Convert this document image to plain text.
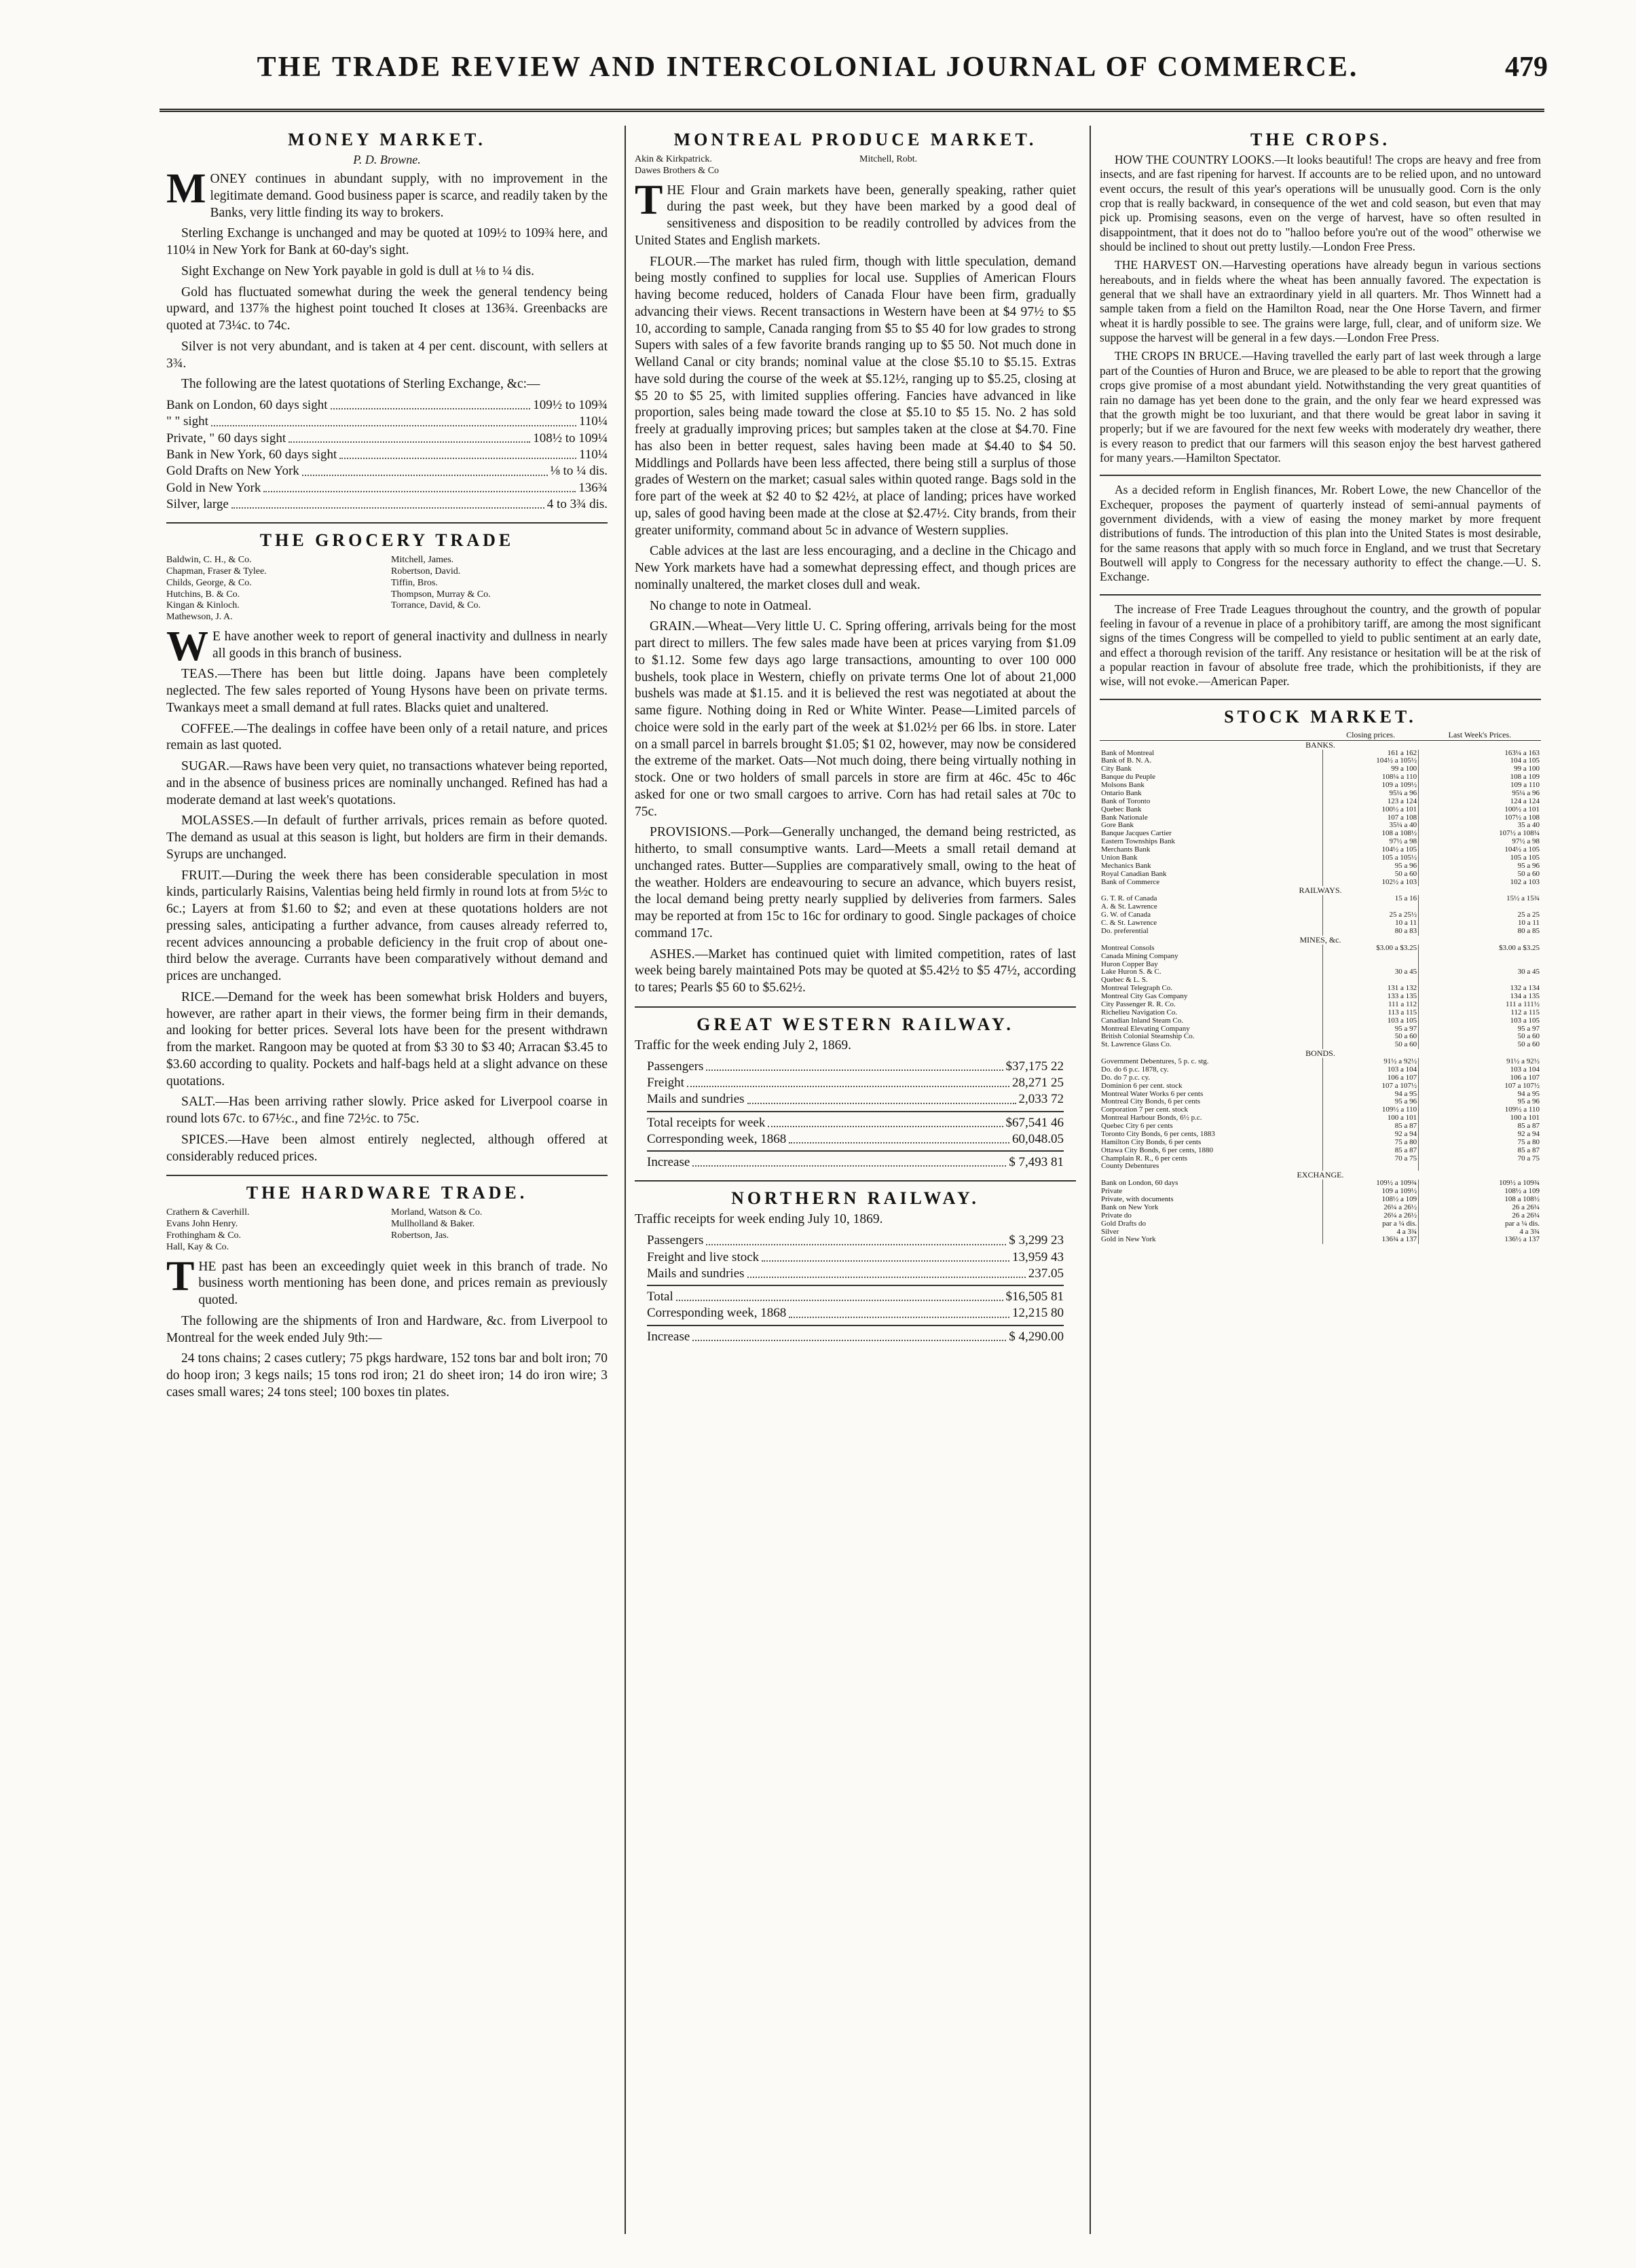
THE TRADE REVIEW AND INTERCOLONIAL JOURNAL OF COMMERCE.	479
MONEY MARKET.
P. D. Browne.

MONEY continues in abundant supply, with no improvement in the legitimate demand. Good business paper is scarce, and readily taken by the Banks, very little finding its way to brokers.

Sterling Exchange is unchanged and may be quoted at 109½ to 109¾ here, and 110¼ in New York for Bank at 60-day's sight.

Sight Exchange on New York payable in gold is dull at ⅛ to ¼ dis.

Gold has fluctuated somewhat during the week the general tendency being upward, and 137⅞ the highest point touched It closes at 136¾. Greenbacks are quoted at 73¼c. to 74c.

Silver is not very abundant, and is taken at 4 per cent. discount, with sellers at 3¾.

The following are the latest quotations of Sterling Exchange, &c:—

Bank on London, 60 days sight	109½ to 109¾
" " sight	110¼
Private, " 60 days sight	108½ to 109¼
Bank in New York, 60 days sight	110¼
Gold Drafts on New York	⅛ to ¼ dis.
Gold in New York	136¾
Silver, large	4 to 3¾ dis.
THE GROCERY TRADE
Baldwin, C. H., & Co.	Mitchell, James.
Chapman, Fraser & Tylee.	Robertson, David.
Childs, George, & Co.	Tiffin, Bros.
Hutchins, B. & Co.	Thompson, Murray & Co.
Kingan & Kinloch.	Torrance, David, & Co.
Mathewson, J. A.

WE have another week to report of general inactivity and dullness in nearly all goods in this branch of business.

TEAS.—There has been but little doing. Japans have been completely neglected. The few sales reported of Young Hysons have been on private terms. Twankays meet a small demand at full rates. Blacks quiet and unaltered.

COFFEE.—The dealings in coffee have been only of a retail nature, and prices remain as last quoted.

SUGAR.—Raws have been very quiet, no transactions whatever being reported, and in the absence of business prices are nominally unchanged. Refined has had a moderate demand at last week's quotations.

MOLASSES.—In default of further arrivals, prices remain as before quoted. The demand as usual at this season is light, but holders are firm in their demands. Syrups are unchanged.

FRUIT.—During the week there has been considerable speculation in most kinds, particularly Raisins, Valentias being held firmly in round lots at from 5½c to 6c.; Layers at from $1.60 to $2; and even at these quotations holders are not pressing sales, anticipating a further advance, from causes already referred to, recent advices announcing a probable deficiency in the fruit crop of about one-third below the average. Currants have been comparatively without demand and prices are unchanged.

RICE.—Demand for the week has been somewhat brisk Holders and buyers, however, are rather apart in their views, the former being firm in their demands, and looking for better prices. Several lots have been for the present withdrawn from the market. Rangoon may be quoted at from $3 30 to $3 40; Arracan $3.45 to $3.60 according to quality. Pockets and half-bags held at a slight advance on these quotations.

SALT.—Has been arriving rather slowly. Price asked for Liverpool coarse in round lots 67c. to 67½c., and fine 72½c. to 75c.

SPICES.—Have been almost entirely neglected, although offered at considerably reduced prices.

THE HARDWARE TRADE.
Crathern & Caverhill.	Morland, Watson & Co.
Evans John Henry.	Mullholland & Baker.
Frothingham & Co.	Robertson, Jas.
Hall, Kay & Co.

THE past has been an exceedingly quiet week in this branch of trade. No business worth mentioning has been done, and prices remain as previously quoted.

The following are the shipments of Iron and Hardware, &c. from Liverpool to Montreal for the week ended July 9th:—

24 tons chains; 2 cases cutlery; 75 pkgs hardware, 152 tons bar and bolt iron; 70 do hoop iron; 3 kegs nails; 15 tons rod iron; 21 do sheet iron; 14 do iron wire; 3 cases small wares; 24 tons steel; 100 boxes tin plates.

MONTREAL PRODUCE MARKET.
Akin & Kirkpatrick.	Mitchell, Robt.
Dawes Brothers & Co

THE Flour and Grain markets have been, generally speaking, rather quiet during the past week, but they have been marked by a good deal of sensitiveness and disposition to be readily controlled by advices from the United States and English markets.

FLOUR.—The market has ruled firm, though with little speculation, demand being mostly confined to supplies for local use. Supplies of American Flours having become reduced, holders of Canada Flour have been firm, gradually advancing their views. Recent transactions in Western have been at $4 97½ to $5 10, according to sample, Canada ranging from $5 to $5 40 for low grades to strong Supers with sales of a few favorite brands ranging up to $5 50. Not much done in Welland Canal or city brands; nominal value at the close $5.10 to $5.15. Extras have sold during the course of the week at $5.12½, ranging up to $5.25, closing at $5 20 to $5 25, with limited supplies offering. Fancies have advanced in like proportion, sales being made toward the close at $5.10 to $5 15. No. 2 has sold freely at gradually improving prices; but samples taken at the close at $4.70. Fine has also been in better request, sales having been made at $4.40 to $4 50. Middlings and Pollards have been less affected, there being still a surplus of those grades of Western on the market; casual sales within quoted range. Bags sold in the fore part of the week at $2 40 to $2 42½, at place of landing; prices have worked up, sales of good having been made at the close at $2.47½. City brands, from their greater uniformity, command about 5c in advance of Western supplies.

Cable advices at the last are less encouraging, and a decline in the Chicago and New York markets have had a somewhat depressing effect, and though prices are nominally unaltered, the market closes dull and weak.

No change to note in Oatmeal.

GRAIN.—Wheat—Very little U. C. Spring offering, arrivals being for the most part direct to millers. The few sales made have been at prices varying from $1.09 to $1.12. Some few days ago large transactions, amounting to over 100 000 bushels, took place in Western, chiefly on private terms One lot of about 21,000 bushels was made at $1.15. and it is believed the rest was negotiated at about the same figure. Nothing doing in Red or White Winter. Pease—Limited parcels of choice were sold in the early part of the week at $1.02½ per 66 lbs. in store. Later on a small parcel in barrels brought $1.05; $1 02, however, may now be considered the extreme of the market. Oats—Not much doing, there being virtually nothing in stock. One or two holders of small parcels in store are firm at 46c. 45c to 46c asked for one or two small cargoes to arrive. Corn has had retail sales at 70c to 75c.

PROVISIONS.—Pork—Generally unchanged, the demand being restricted, as hitherto, to small consumptive wants. Lard—Meets a small retail demand at unchanged rates. Butter—Supplies are comparatively small, owing to the heat of the weather. Holders are endeavouring to secure an advance, which buyers resist, the local demand being pretty nearly supplied by deliveries from farmers. Sales may be reported at from 15c to 16c for ordinary to good. Single packages of choice command 17c.

ASHES.—Market has continued quiet with limited competition, rates of last week being barely maintained Pots may be quoted at $5.42½ to $5 47½, according to tares; Pearls $5 60 to $5.62½.

GREAT WESTERN RAILWAY.

Traffic for the week ending July 2, 1869.

Passengers	$37,175 22
Freight	28,271 25
Mails and sundries	2,033 72
Total receipts for week	$67,541 46
Corresponding week, 1868	60,048.05
Increase	$ 7,493 81
NORTHERN RAILWAY.

Traffic receipts for week ending July 10, 1869.

Passengers	$ 3,299 23
Freight and live stock	13,959 43
Mails and sundries	237.05
Total	$16,505 81
Corresponding week, 1868	12,215 80
Increase	$ 4,290.00
THE CROPS.

HOW THE COUNTRY LOOKS.—It looks beautiful! The crops are heavy and free from insects, and are fast ripening for harvest. If accounts are to be relied upon, and no untoward event occurs, the result of this year's operations will be unusually good. Corn is the only crop that is really backward, in consequence of the wet and cold season, but even that may pick up. Promising seasons, even on the verge of harvest, have so often resulted in disappointment, that it does not do to "halloo before you're out of the wood" otherwise we should be inclined to shout out pretty lustily.—London Free Press.

THE HARVEST ON.—Harvesting operations have already begun in various sections hereabouts, and in fields where the wheat has been annually favored. The expectation is general that we shall have an extraordinary yield in all quarters. Mr. Thos Winnett had a sample taken from a field on the Hamilton Road, near the One Horse Tavern, and firmer wheat it is hardly possible to see. The grains were large, full, clear, and of uniform size. We suppose the harvest will be general in a few days.—London Free Press.

THE CROPS IN BRUCE.—Having travelled the early part of last week through a large part of the Counties of Huron and Bruce, we are pleased to be able to report that the growing crops give promise of a most abundant yield. Notwithstanding the very great quantities of rain no damage has yet been done to the grain, and the only fear we heard expressed was that the growth might be too luxuriant, and that there would be great labor in saving it properly; but if we are favoured for the next few weeks with moderately dry weather, there is every reason to predict that our farmers will this season enjoy the best harvest gathered for many years.—Hamilton Spectator.

As a decided reform in English finances, Mr. Robert Lowe, the new Chancellor of the Exchequer, proposes the payment of quarterly instead of semi-annual payments of government dividends, with a view of easing the money market by more frequent distributions of funds. The introduction of this plan into the United States is most desirable, for the same reasons that apply with so much force in England, and we trust that Secretary Boutwell will apply to Congress for the necessary authority to effect the change.—U. S. Exchange.

The increase of Free Trade Leagues throughout the country, and the growth of popular feeling in favour of a revenue in place of a prohibitory tariff, are among the most significant signs of the times Congress will be compelled to yield to public sentiment at an early date, and effect a thorough revision of the tariff. Any resistance or hesitation will be at the risk of a popular reaction in favour of absolute free trade, which the prohibitionists, if they are wise, will not evoke.—American Paper.

STOCK MARKET.
	Closing prices.	Last Week's Prices.
BANKS.		
Bank of Montreal	161 a 162	163¼ a 163
Bank of B. N. A.	104½ a 105½	104 a 105
City Bank	99 a 100	99 a 100
Banque du Peuple	108¼ a 110	108 a 109
Molsons Bank	109 a 109½	109 a 110
Ontario Bank	95¼ a 96	95¼ a 96
Bank of Toronto	123 a 124	124 a 124
Quebec Bank	100½ a 101	100½ a 101
Bank Nationale	107 a 108	107½ a 108
Gore Bank	35¼ a 40	35 a 40
Banque Jacques Cartier	108 a 108½	107½ a 108¼
Eastern Townships Bank	97½ a 98	97½ a 98
Merchants Bank	104½ a 105	104½ a 105
Union Bank	105 a 105½	105 a 105
Mechanics Bank	95 a 96	95 a 96
Royal Canadian Bank	50 a 60	50 a 60
Bank of Commerce	102½ a 103	102 a 103
RAILWAYS.		
G. T. R. of Canada	15 a 16	15½ a 15¾
A. & St. Lawrence		
G. W. of Canada	25 a 25½	25 a 25
C. & St. Lawrence	10 a 11	10 a 11
Do. preferential	80 a 83	80 a 85
MINES, &c.		
Montreal Consols	$3.00 a $3.25	$3.00 a $3.25
Canada Mining Company		
Huron Copper Bay		
Lake Huron S. & C.	30 a 45	30 a 45
Quebec & L. S.		
Montreal Telegraph Co.	131 a 132	132 a 134
Montreal City Gas Company	133 a 135	134 a 135
City Passenger R. R. Co.	111 a 112	111 a 111½
Richelieu Navigation Co.	113 a 115	112 a 115
Canadian Inland Steam Co.	103 a 105	103 a 105
Montreal Elevating Company	95 a 97	95 a 97
British Colonial Steamship Co.	50 a 60	50 a 60
St. Lawrence Glass Co.	50 a 60	50 a 60
BONDS.		
Government Debentures, 5 p. c. stg.	91½ a 92½	91½ a 92½
Do. do 6 p.c. 1878, cy.	103 a 104	103 a 104
Do. do 7 p.c. cy.	106 a 107	106 a 107
Dominion 6 per cent. stock	107 a 107½	107 a 107½
Montreal Water Works 6 per cents	94 a 95	94 a 95
Montreal City Bonds, 6 per cents	95 a 96	95 a 96
Corporation 7 per cent. stock	109½ a 110	109½ a 110
Montreal Harbour Bonds, 6½ p.c.	100 a 101	100 a 101
Quebec City 6 per cents	85 a 87	85 a 87
Toronto City Bonds, 6 per cents, 1883	92 a 94	92 a 94
Hamilton City Bonds, 6 per cents	75 a 80	75 a 80
Ottawa City Bonds, 6 per cents, 1880	85 a 87	85 a 87
Champlain R. R., 6 per cents	70 a 75	70 a 75
County Debentures		
EXCHANGE.		
Bank on London, 60 days	109½ a 109¾	109½ a 109¾
Private	109 a 109½	108½ a 109
Private, with documents	108½ a 109	108 a 108½
Bank on New York	26¼ a 26½	26 a 26¼
Private do	26¼ a 26½	26 a 26¼
Gold Drafts do	par a ¼ dis.	par a ¼ dis.
Silver	4 a 3¾	4 a 3¾
Gold in New York	136¾ a 137	136½ a 137
